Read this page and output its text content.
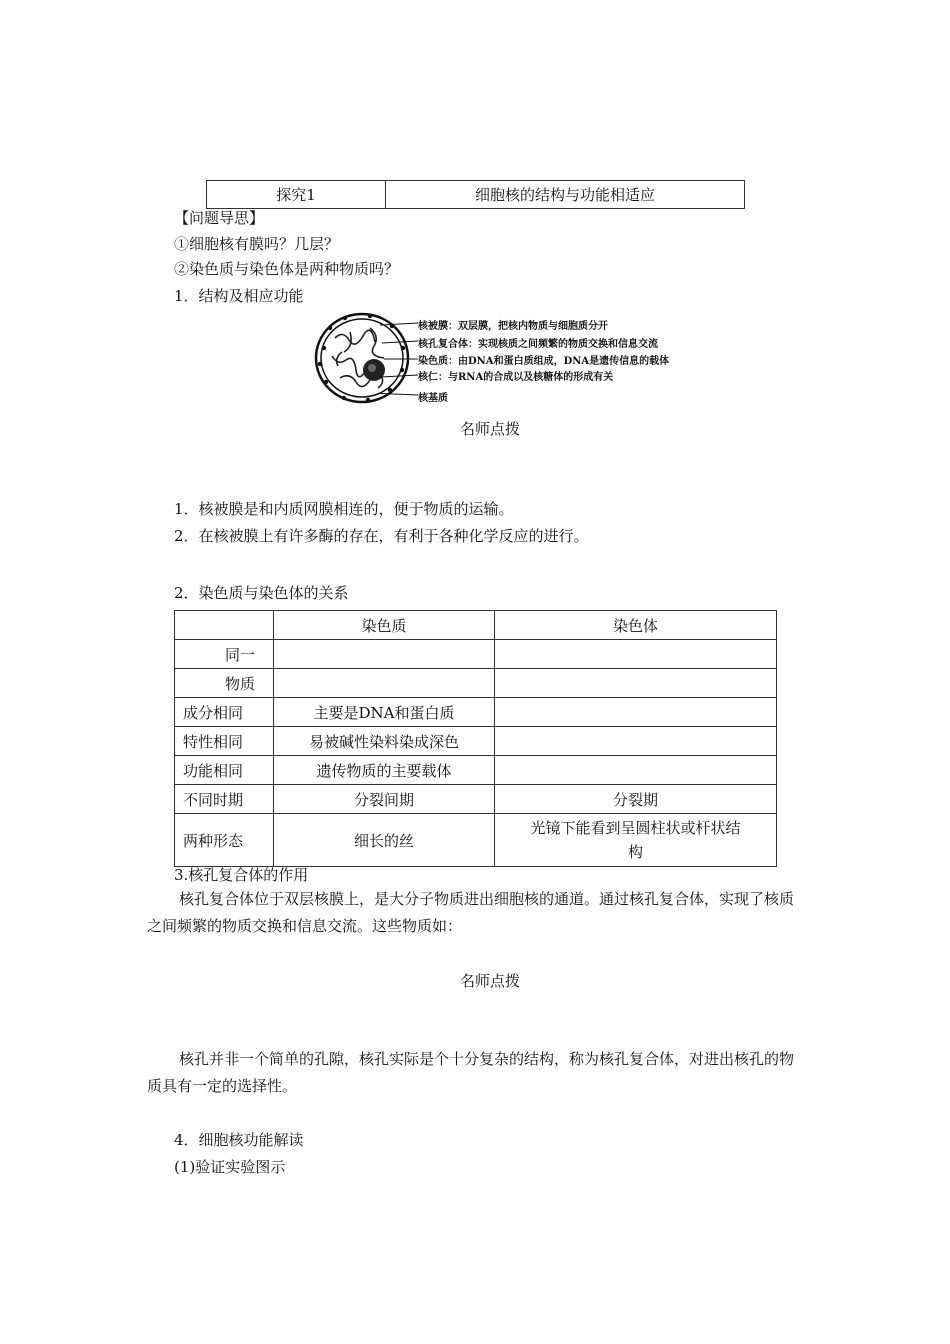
探究1	细胞核的结构与功能相适应
【问题导思】
①细胞核有膜吗？几层？
②染色质与染色体是两种物质吗？
1．结构及相应功能
核被膜：双层膜，把核内物质与细胞质分开
核孔复合体：实现核质之间频繁的物质交换和信息交流
染色质：由DNA和蛋白质组成，DNA是遗传信息的载体
核仁：与RNA的合成以及核糖体的形成有关
核基质
名师点拨
1．核被膜是和内质网膜相连的，便于物质的运输。
2．在核被膜上有许多酶的存在，有利于各种化学反应的进行。
2．染色质与染色体的关系
	染色质	染色体
同一		
物质		
成分相同	主要是DNA和蛋白质	
特性相同	易被碱性染料染成深色	
功能相同	遗传物质的主要载体	
不同时期	分裂间期	分裂期
两种形态	细长的丝	光镜下能看到呈圆柱状或杆状结构
3.核孔复合体的作用
核孔复合体位于双层核膜上，是大分子物质进出细胞核的通道。通过核孔复合体，实现了核质之间频繁的物质交换和信息交流。这些物质如：
名师点拨
核孔并非一个简单的孔隙，核孔实际是个十分复杂的结构，称为核孔复合体，对进出核孔的物质具有一定的选择性。
4．细胞核功能解读
(1)验证实验图示
